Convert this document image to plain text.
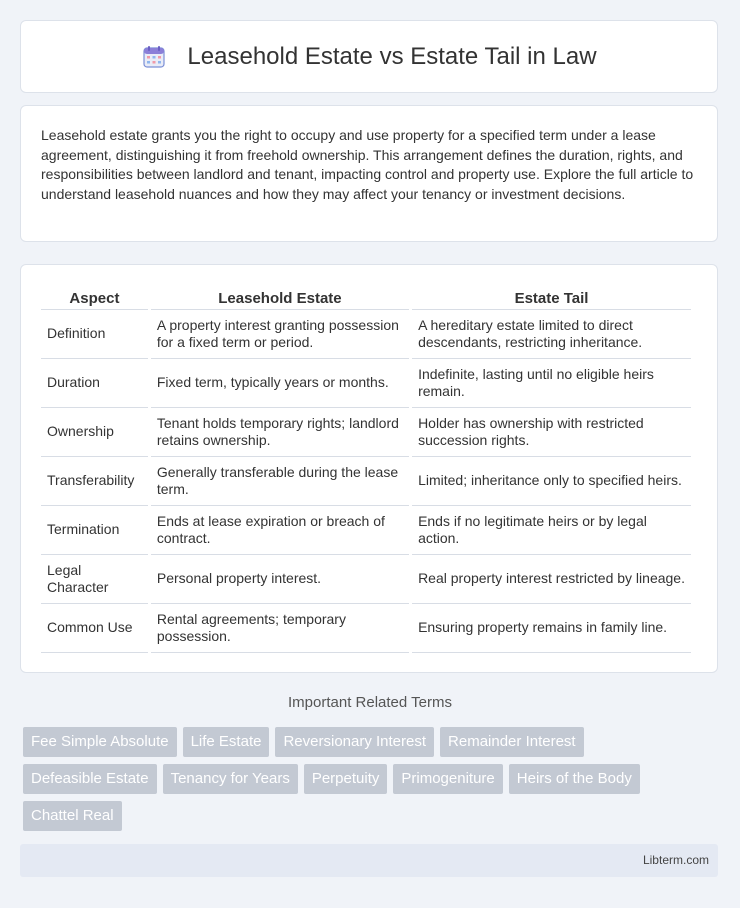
Leasehold Estate vs Estate Tail in Law

Leasehold estate grants you the right to occupy and use property for a specified term under a lease agreement, distinguishing it from freehold ownership. This arrangement defines the duration, rights, and responsibilities between landlord and tenant, impacting control and property use. Explore the full article to understand leasehold nuances and how they may affect your tenancy or investment decisions.

Aspect	Leasehold Estate	Estate Tail
Definition	A property interest granting possession for a fixed term or period.	A hereditary estate limited to direct descendants, restricting inheritance.
Duration	Fixed term, typically years or months.	Indefinite, lasting until no eligible heirs remain.
Ownership	Tenant holds temporary rights; landlord retains ownership.	Holder has ownership with restricted succession rights.
Transferability	Generally transferable during the lease term.	Limited; inheritance only to specified heirs.
Termination	Ends at lease expiration or breach of contract.	Ends if no legitimate heirs or by legal action.
Legal Character	Personal property interest.	Real property interest restricted by lineage.
Common Use	Rental agreements; temporary possession.	Ensuring property remains in family line.
Important Related Terms
Fee Simple Absolute	Life Estate	Reversionary Interest	Remainder Interest
Defeasible Estate	Tenancy for Years	Perpetuity	Primogeniture	Heirs of the Body
Chattel Real
Libterm.com
